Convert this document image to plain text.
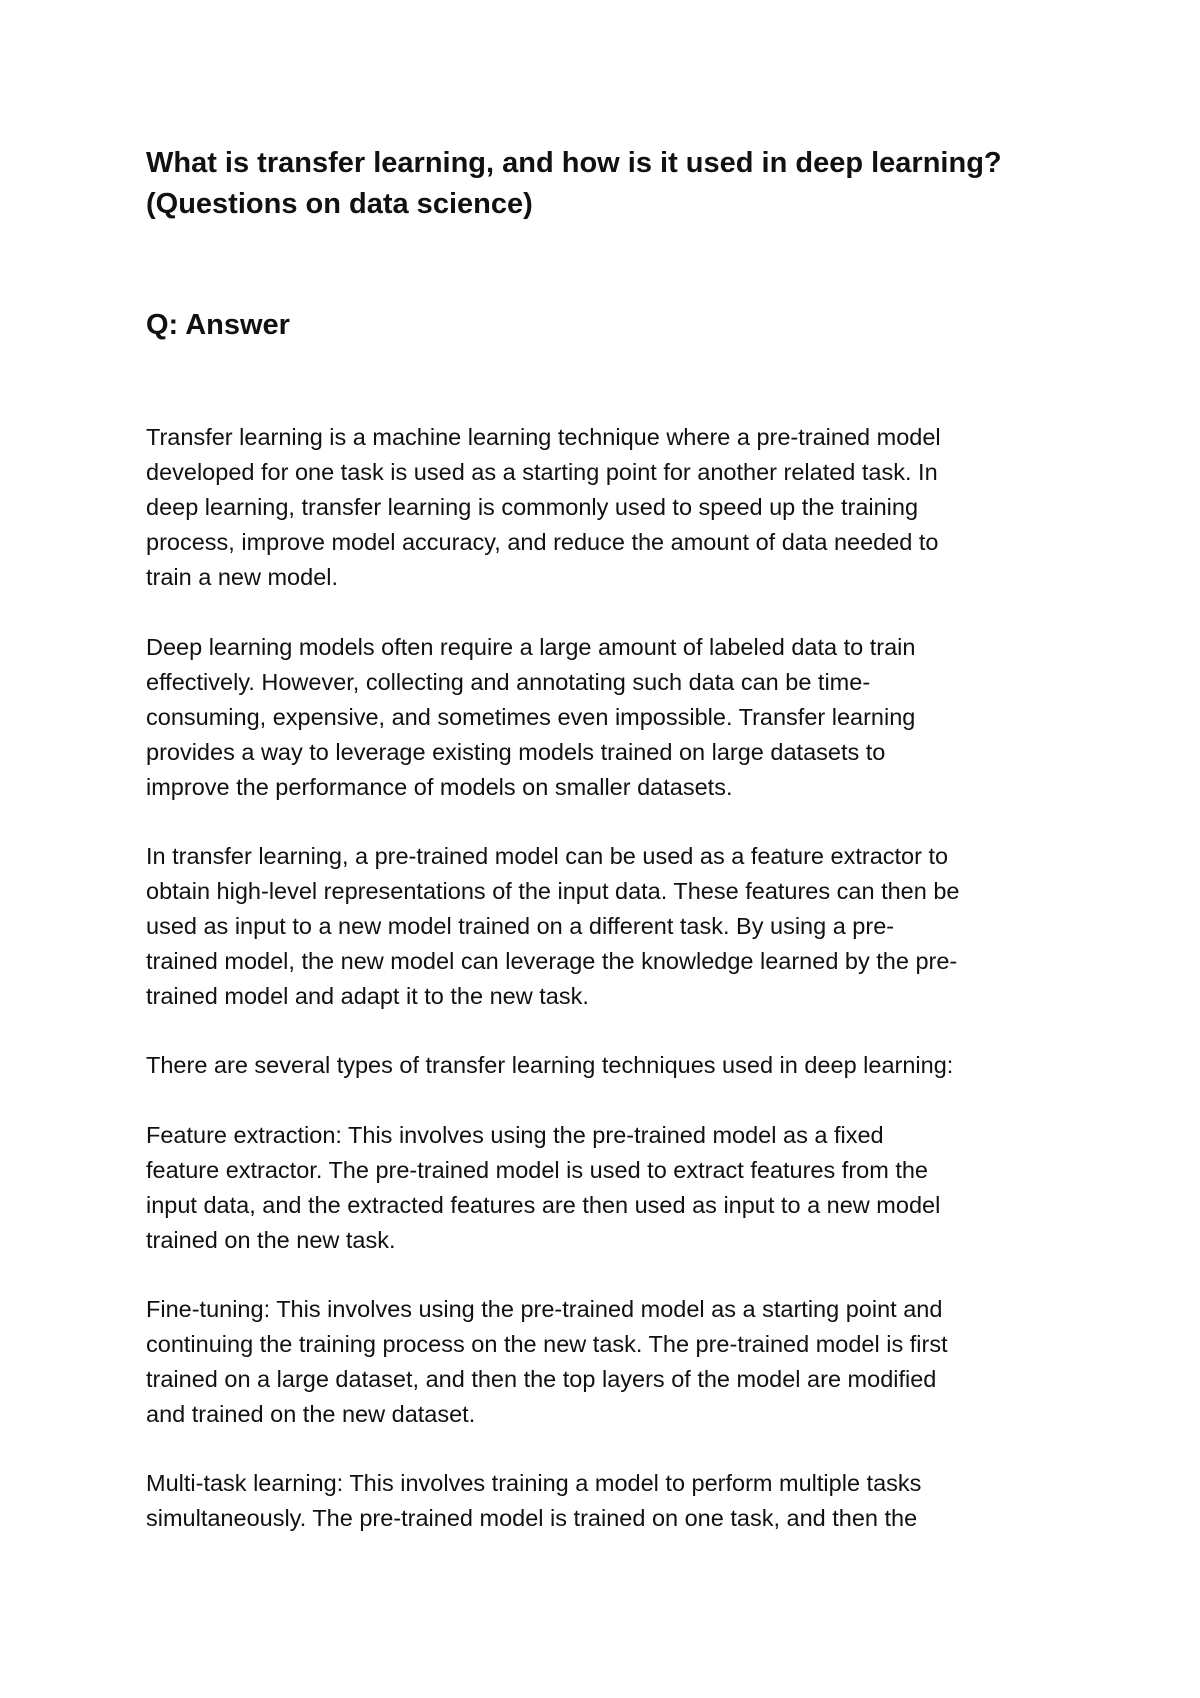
What is transfer learning, and how is it used in deep learning?
(Questions on data science)
Q: Answer

Transfer learning is a machine learning technique where a pre-trained model
developed for one task is used as a starting point for another related task. In
deep learning, transfer learning is commonly used to speed up the training
process, improve model accuracy, and reduce the amount of data needed to
train a new model.

Deep learning models often require a large amount of labeled data to train
effectively. However, collecting and annotating such data can be time-
consuming, expensive, and sometimes even impossible. Transfer learning
provides a way to leverage existing models trained on large datasets to
improve the performance of models on smaller datasets.

In transfer learning, a pre-trained model can be used as a feature extractor to
obtain high-level representations of the input data. These features can then be
used as input to a new model trained on a different task. By using a pre-
trained model, the new model can leverage the knowledge learned by the pre-
trained model and adapt it to the new task.

There are several types of transfer learning techniques used in deep learning:

Feature extraction: This involves using the pre-trained model as a fixed
feature extractor. The pre-trained model is used to extract features from the
input data, and the extracted features are then used as input to a new model
trained on the new task.

Fine-tuning: This involves using the pre-trained model as a starting point and
continuing the training process on the new task. The pre-trained model is first
trained on a large dataset, and then the top layers of the model are modified
and trained on the new dataset.

Multi-task learning: This involves training a model to perform multiple tasks
simultaneously. The pre-trained model is trained on one task, and then the
